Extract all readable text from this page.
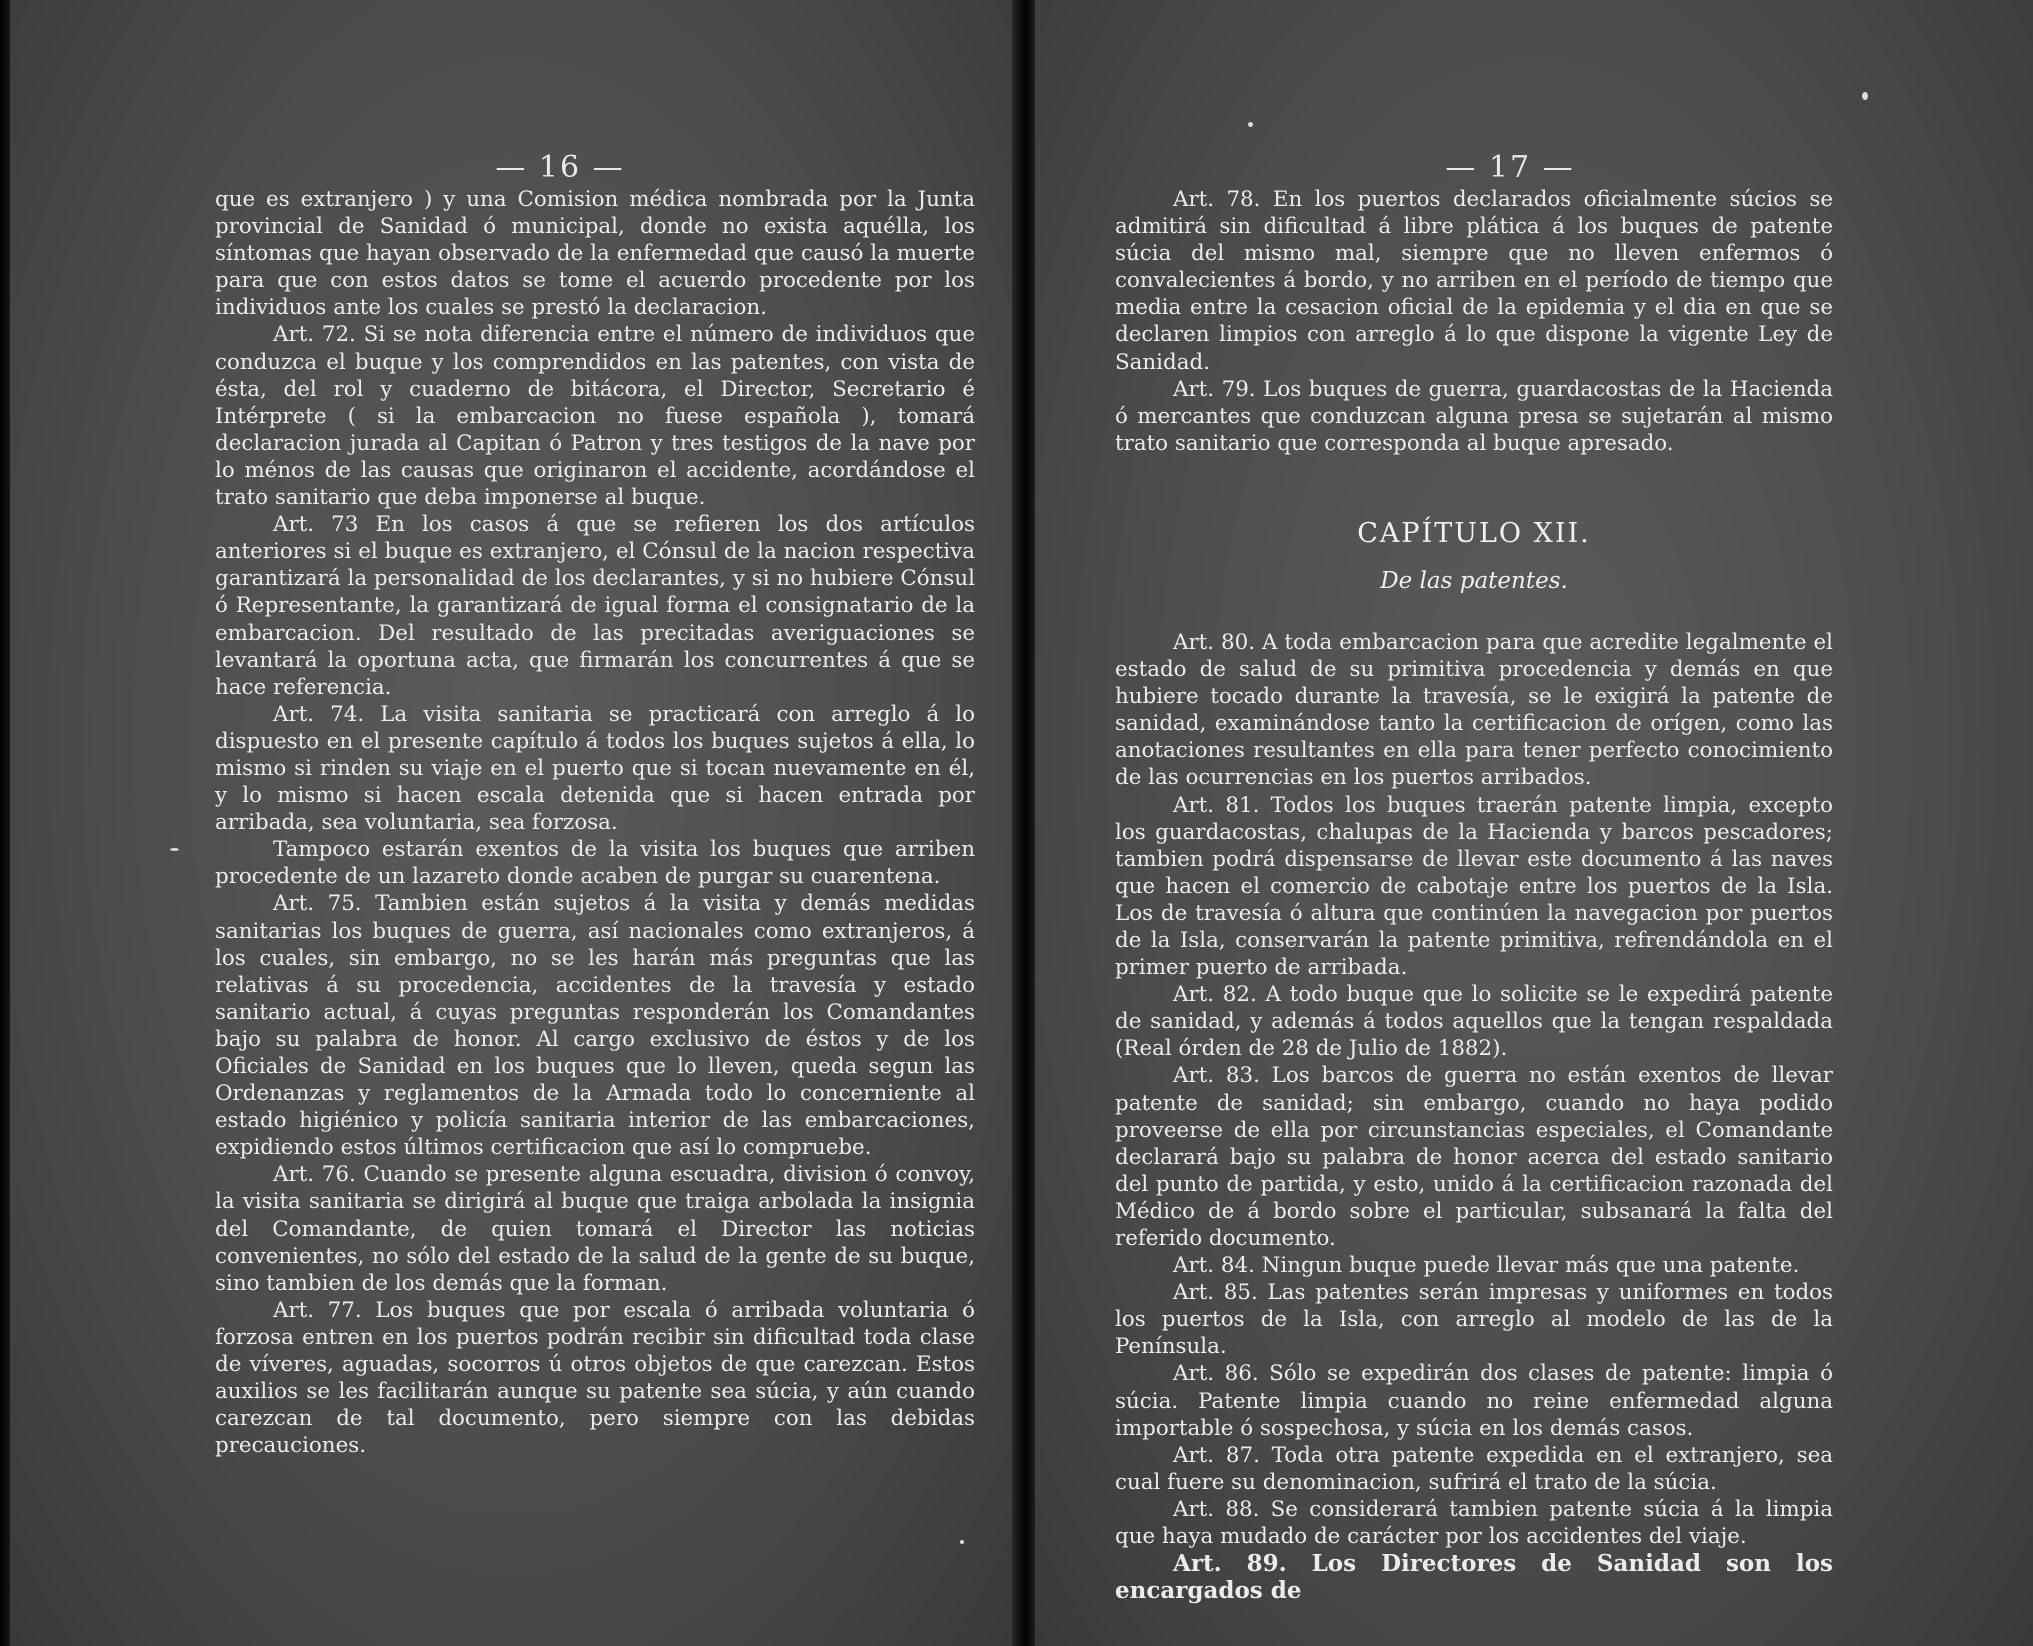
— 16 —

que es extranjero ) y una Comision médica nombrada por la Junta provincial de Sanidad ó municipal, donde no exista aquélla, los síntomas que hayan observado de la enfermedad que causó la muerte para que con estos datos se tome el acuerdo procedente por los individuos ante los cuales se prestó la declaracion.

Art. 72. Si se nota diferencia entre el número de individuos que conduzca el buque y los comprendidos en las patentes, con vista de ésta, del rol y cuaderno de bitácora, el Director, Secretario é Intérprete ( si la embarcacion no fuese española ), tomará declaracion jurada al Capitan ó Patron y tres testigos de la nave por lo ménos de las causas que originaron el accidente, acordándose el trato sanitario que deba imponerse al buque.

Art. 73 En los casos á que se refieren los dos artículos anteriores si el buque es extranjero, el Cónsul de la nacion respectiva garantizará la personalidad de los declarantes, y si no hubiere Cónsul ó Representante, la garantizará de igual forma el consignatario de la embarcacion. Del resultado de las precitadas averiguaciones se levantará la oportuna acta, que firmarán los concurrentes á que se hace referencia.

Art. 74. La visita sanitaria se practicará con arreglo á lo dispuesto en el presente capítulo á todos los buques sujetos á ella, lo mismo si rinden su viaje en el puerto que si tocan nuevamente en él, y lo mismo si hacen escala detenida que si hacen entrada por arribada, sea voluntaria, sea forzosa.

Tampoco estarán exentos de la visita los buques que arriben procedente de un lazareto donde acaben de purgar su cuarentena.

Art. 75. Tambien están sujetos á la visita y demás medidas sanitarias los buques de guerra, así nacionales como extranjeros, á los cuales, sin embargo, no se les harán más preguntas que las relativas á su procedencia, accidentes de la travesía y estado sanitario actual, á cuyas preguntas responderán los Comandantes bajo su palabra de honor. Al cargo exclusivo de éstos y de los Oficiales de Sanidad en los buques que lo lleven, queda segun las Ordenanzas y reglamentos de la Armada todo lo concerniente al estado higiénico y policía sanitaria interior de las embarcaciones, expidiendo estos últimos certificacion que así lo compruebe.

Art. 76. Cuando se presente alguna escuadra, division ó convoy, la visita sanitaria se dirigirá al buque que traiga arbolada la insignia del Comandante, de quien tomará el Director las noticias convenientes, no sólo del estado de la salud de la gente de su buque, sino tambien de los demás que la forman.

Art. 77. Los buques que por escala ó arribada voluntaria ó forzosa entren en los puertos podrán recibir sin dificultad toda clase de víveres, aguadas, socorros ú otros objetos de que carezcan. Estos auxilios se les facilitarán aunque su patente sea súcia, y aún cuando carezcan de tal documento, pero siempre con las debidas precauciones.

— 17 —

Art. 78. En los puertos declarados oficialmente súcios se admitirá sin dificultad á libre plática á los buques de patente súcia del mismo mal, siempre que no lleven enfermos ó convalecientes á bordo, y no arriben en el período de tiempo que media entre la cesacion oficial de la epidemia y el dia en que se declaren limpios con arreglo á lo que dispone la vigente Ley de Sanidad.

Art. 79. Los buques de guerra, guardacostas de la Hacienda ó mercantes que conduzcan alguna presa se sujetarán al mismo trato sanitario que corresponda al buque apresado.

CAPÍTULO XII.
De las patentes.

Art. 80. A toda embarcacion para que acredite legalmente el estado de salud de su primitiva procedencia y demás en que hubiere tocado durante la travesía, se le exigirá la patente de sanidad, examinándose tanto la certificacion de orígen, como las anotaciones resultantes en ella para tener perfecto conocimiento de las ocurrencias en los puertos arribados.

Art. 81. Todos los buques traerán patente limpia, excepto los guardacostas, chalupas de la Hacienda y barcos pescadores; tambien podrá dispensarse de llevar este documento á las naves que hacen el comercio de cabotaje entre los puertos de la Isla. Los de travesía ó altura que continúen la navegacion por puertos de la Isla, conservarán la patente primitiva, refrendándola en el primer puerto de arribada.

Art. 82. A todo buque que lo solicite se le expedirá patente de sanidad, y además á todos aquellos que la tengan respaldada (Real órden de 28 de Julio de 1882).

Art. 83. Los barcos de guerra no están exentos de llevar patente de sanidad; sin embargo, cuando no haya podido proveerse de ella por circunstancias especiales, el Comandante declarará bajo su palabra de honor acerca del estado sanitario del punto de partida, y esto, unido á la certificacion razonada del Médico de á bordo sobre el particular, subsanará la falta del referido documento.

Art. 84. Ningun buque puede llevar más que una patente.

Art. 85. Las patentes serán impresas y uniformes en todos los puertos de la Isla, con arreglo al modelo de las de la Península.

Art. 86. Sólo se expedirán dos clases de patente: limpia ó súcia. Patente limpia cuando no reine enfermedad alguna importable ó sospechosa, y súcia en los demás casos.

Art. 87. Toda otra patente expedida en el extranjero, sea cual fuere su denominacion, sufrirá el trato de la súcia.

Art. 88. Se considerará tambien patente súcia á la limpia que haya mudado de carácter por los accidentes del viaje.

Art. 89. Los Directores de Sanidad son los encargados de
